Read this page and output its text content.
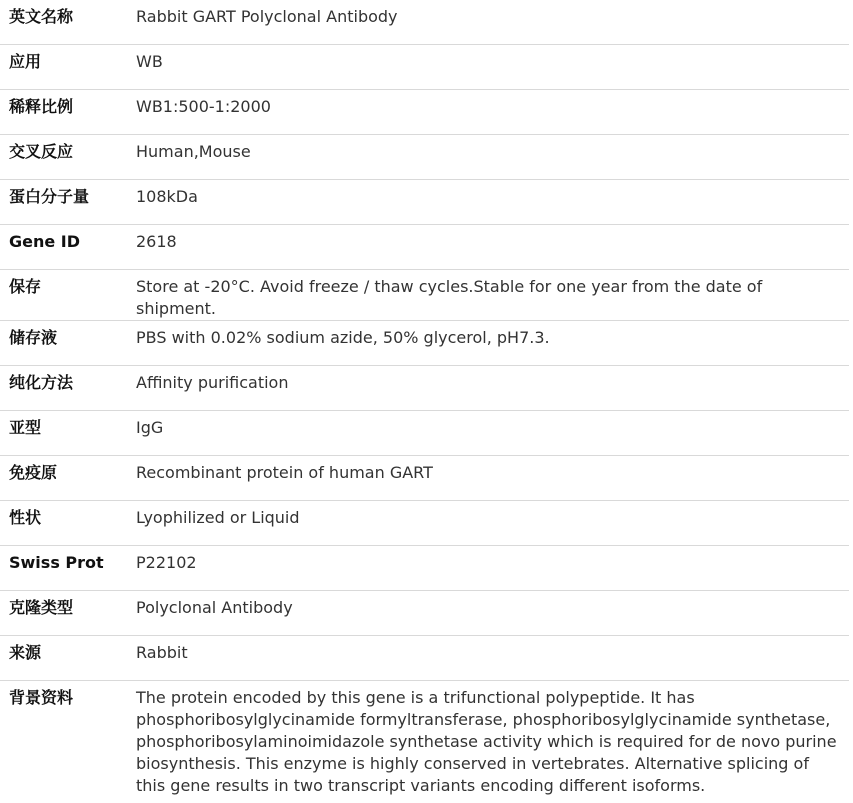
英文名称	Rabbit GART Polyclonal Antibody
应用	WB
稀释比例	WB1:500-1:2000
交叉反应	Human,Mouse
蛋白分子量	108kDa
Gene ID	2618
保存	Store at -20°C. Avoid freeze / thaw cycles.Stable for one year from the date of shipment.
储存液	PBS with 0.02% sodium azide, 50% glycerol, pH7.3.
纯化方法	Affinity purification
亚型	IgG
免疫原	Recombinant protein of human GART
性状	Lyophilized or Liquid
Swiss Prot	P22102
克隆类型	Polyclonal Antibody
来源	Rabbit
背景资料	The protein encoded by this gene is a trifunctional polypeptide. It has phosphoribosylglycinamide formyltransferase, phosphoribosylglycinamide synthetase, phosphoribosylaminoimidazole synthetase activity which is required for de novo purine biosynthesis. This enzyme is highly conserved in vertebrates. Alternative splicing of this gene results in two transcript variants encoding different isoforms.
